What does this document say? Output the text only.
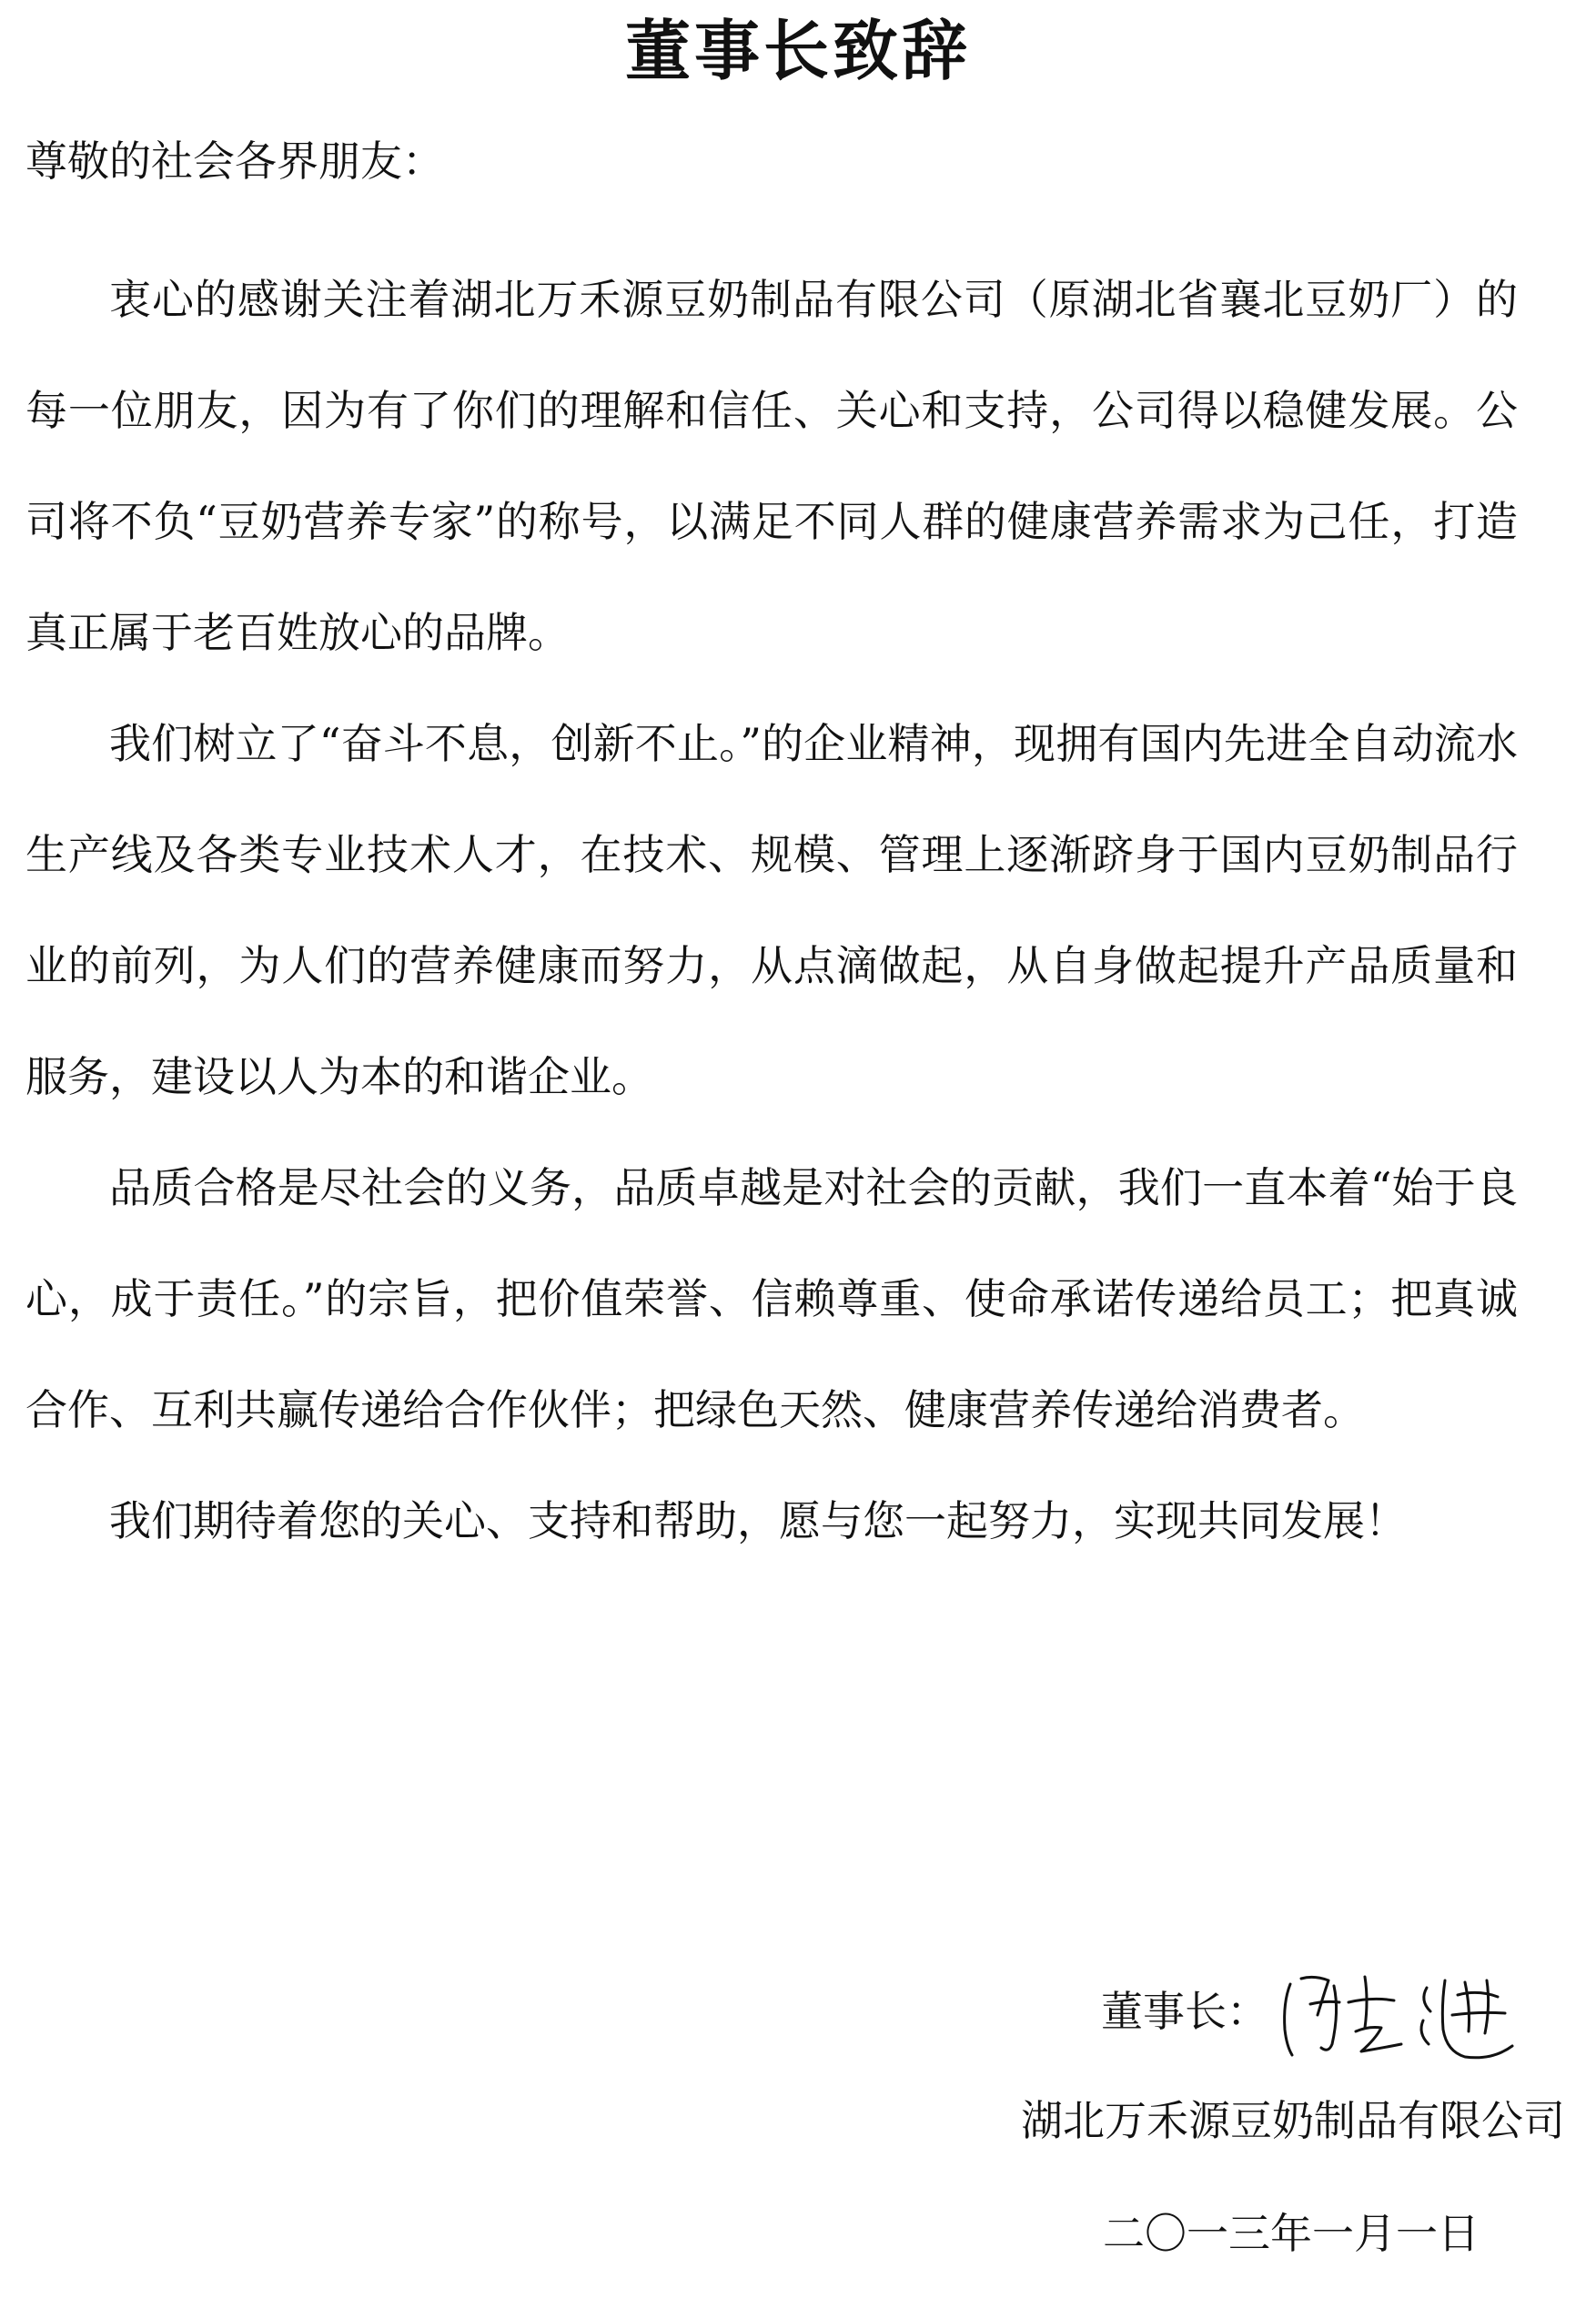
董事长致辞
尊敬的社会各界朋友：

衷心的感谢关注着湖北万禾源豆奶制品有限公司（原湖北省襄北豆奶厂）的每一位朋友，因为有了你们的理解和信任、关心和支持，公司得以稳健发展。公司将不负“豆奶营养专家”的称号，以满足不同人群的健康营养需求为己任，打造真正属于老百姓放心的品牌。

我们树立了“奋斗不息，创新不止。”的企业精神，现拥有国内先进全自动流水生产线及各类专业技术人才，在技术、规模、管理上逐渐跻身于国内豆奶制品行业的前列，为人们的营养健康而努力，从点滴做起，从自身做起提升产品质量和服务，建设以人为本的和谐企业。

品质合格是尽社会的义务，品质卓越是对社会的贡献，我们一直本着“始于良心，成于责任。”的宗旨，把价值荣誉、信赖尊重、使命承诺传递给员工；把真诚合作、互利共赢传递给合作伙伴；把绿色天然、健康营养传递给消费者。

我们期待着您的关心、支持和帮助，愿与您一起努力，实现共同发展！

董事长：
湖北万禾源豆奶制品有限公司
二〇一三年一月一日
